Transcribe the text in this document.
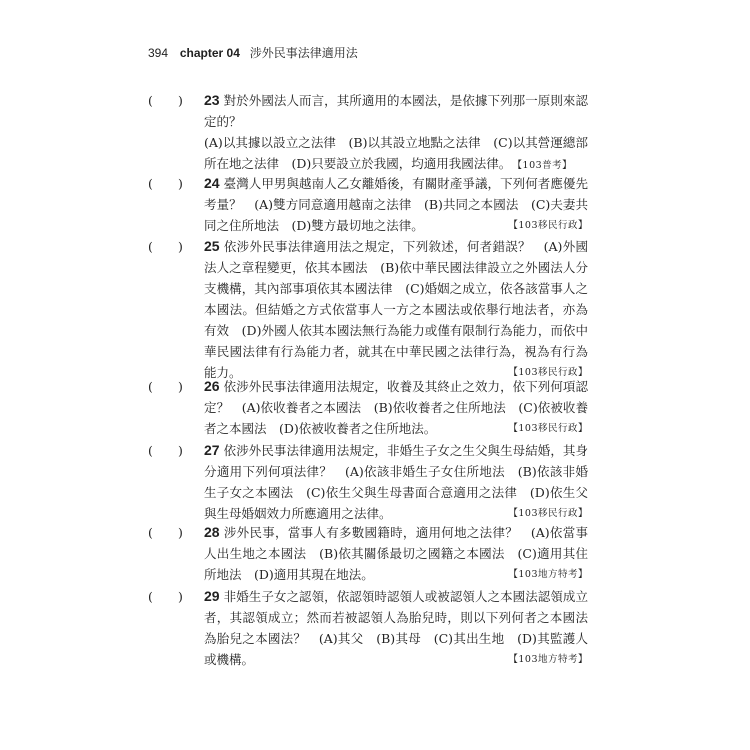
394 chapter 04 涉外民事法律適用法
( ) 23 對於外國法人而言，其所適用的本國法，是依據下列那一原則來認定的？
(A)以其據以設立之法律　(B)以其設立地點之法律　(C)以其營運總部所在地之法律　(D)只要設立於我國，均適用我國法律。 【103普考】
( ) 24 臺灣人甲男與越南人乙女離婚後，有關財產爭議，下列何者應優先考量？　(A)雙方同意適用越南之法律　(B)共同之本國法　(C)夫妻共同之住所地法　(D)雙方最切地之法律。	【103移民行政】
( ) 25 依涉外民事法律適用法之規定，下列敘述，何者錯誤？　(A)外國法人之章程變更，依其本國法　(B)依中華民國法律設立之外國法人分支機構，其內部事項依其本國法律　(C)婚姻之成立，依各該當事人之本國法。但結婚之方式依當事人一方之本國法或依舉行地法者，亦為有效　(D)外國人依其本國法無行為能力或僅有限制行為能力，而依中華民國法律有行為能力者，就其在中華民國之法律行為，視為有行為能力。	【103移民行政】
( ) 26 依涉外民事法律適用法規定，收養及其終止之效力，依下列何項認定？　(A)依收養者之本國法　(B)依收養者之住所地法　(C)依被收養者之本國法　(D)依被收養者之住所地法。	【103移民行政】
( ) 27 依涉外民事法律適用法規定，非婚生子女之生父與生母結婚，其身分適用下列何項法律？　(A)依該非婚生子女住所地法　(B)依該非婚生子女之本國法　(C)依生父與生母書面合意適用之法律　(D)依生父與生母婚姻效力所應適用之法律。	【103移民行政】
( ) 28 涉外民事，當事人有多數國籍時，適用何地之法律？　(A)依當事人出生地之本國法　(B)依其關係最切之國籍之本國法　(C)適用其住所地法　(D)適用其現在地法。	【103地方特考】
( ) 29 非婚生子女之認領，依認領時認領人或被認領人之本國法認領成立者，其認領成立；然而若被認領人為胎兒時，則以下列何者之本國法為胎兒之本國法？　(A)其父　(B)其母　(C)其出生地　(D)其監護人或機構。	【103地方特考】
